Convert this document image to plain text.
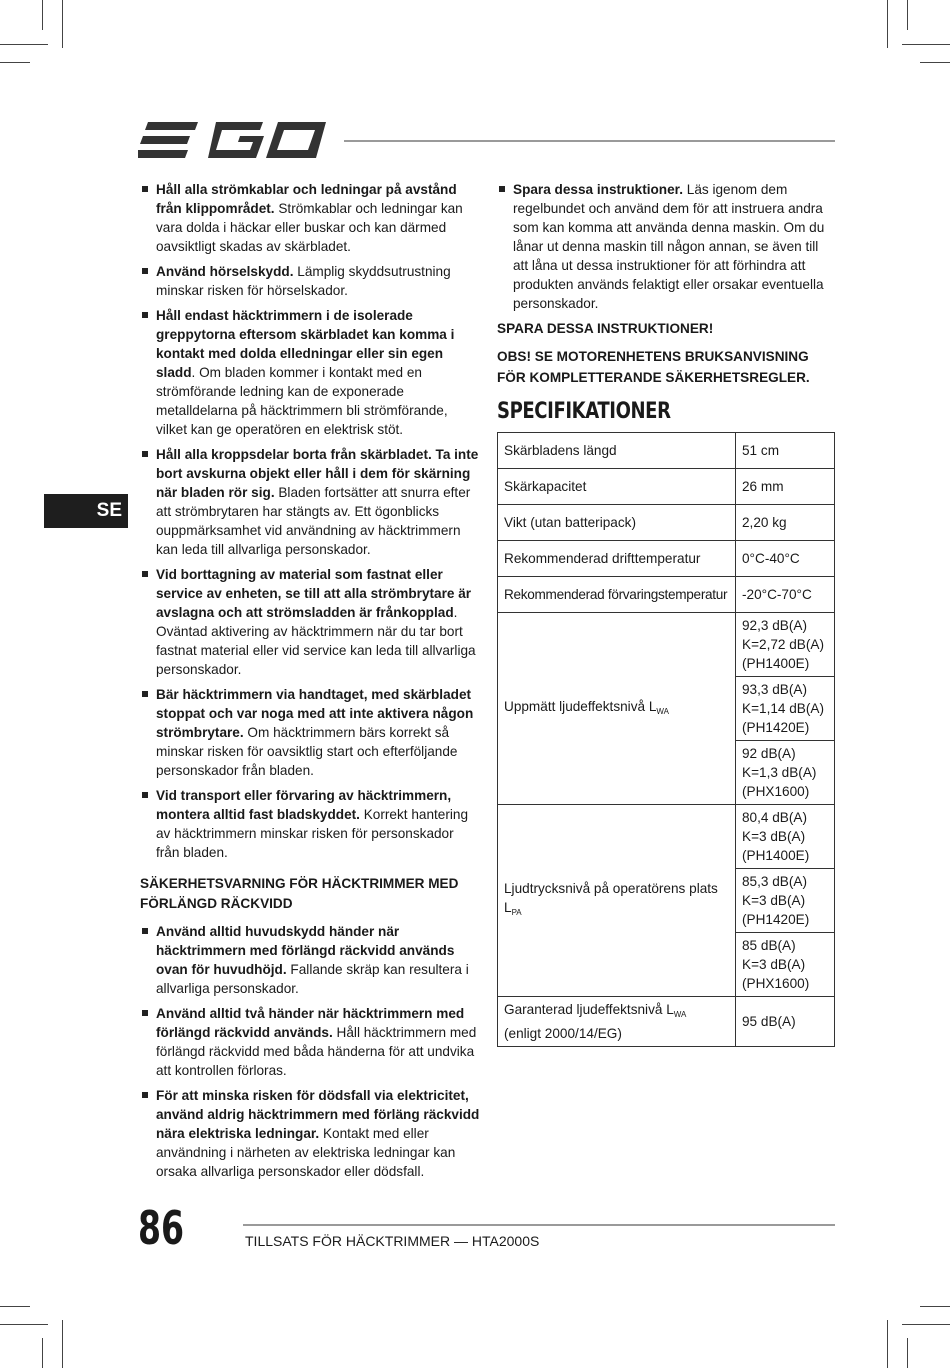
SE
Håll alla strömkablar och ledningar på avstånd från klippområdet. Strömkablar och ledningar kan vara dolda i häckar eller buskar och kan därmed oavsiktligt skadas av skärbladet.
Använd hörselskydd. Lämplig skyddsutrustning minskar risken för hörselskador.
Håll endast häcktrimmern i de isolerade greppytorna eftersom skärbladet kan komma i kontakt med dolda elledningar eller sin egen sladd. Om bladen kommer i kontakt med en strömförande ledning kan de exponerade metalldelarna på häcktrimmern bli strömförande, vilket kan ge operatören en elektrisk stöt.
Håll alla kroppsdelar borta från skärbladet. Ta inte bort avskurna objekt eller håll i dem för skärning när bladen rör sig. Bladen fortsätter att snurra efter att strömbrytaren har stängts av. Ett ögonblicks ouppmärksamhet vid användning av häcktrimmern kan leda till allvarliga personskador.
Vid borttagning av material som fastnat eller service av enheten, se till att alla strömbrytare är avslagna och att strömsladden är frånkopplad. Oväntad aktivering av häcktrimmern när du tar bort fastnat material eller vid service kan leda till allvarliga personskador.
Bär häcktrimmern via handtaget, med skärbladet stoppat och var noga med att inte aktivera någon strömbrytare. Om häcktrimmern bärs korrekt så minskar risken för oavsiktlig start och efterföljande personskador från bladen.
Vid transport eller förvaring av häcktrimmern, montera alltid fast bladskyddet. Korrekt hantering av häcktrimmern minskar risken för personskador från bladen.
SÄKERHETSVARNING FÖR HÄCKTRIMMER MED FÖRLÄNGD RÄCKVIDD
Använd alltid huvudskydd händer när häcktrimmern med förlängd räckvidd används ovan för huvudhöjd. Fallande skräp kan resultera i allvarliga personskador.
Använd alltid två händer när häcktrimmern med förlängd räckvidd används. Håll häcktrimmern med förlängd räckvidd med båda händerna för att undvika att kontrollen förloras.
För att minska risken för dödsfall via elektricitet, använd aldrig häcktrimmern med förläng räckvidd nära elektriska ledningar. Kontakt med eller användning i närheten av elektriska ledningar kan orsaka allvarliga personskador eller dödsfall.
Spara dessa instruktioner. Läs igenom dem regelbundet och använd dem för att instruera andra som kan komma att använda denna maskin. Om du lånar ut denna maskin till någon annan, se även till att låna ut dessa instruktioner för att förhindra att produkten används felaktigt eller orsakar eventuella personskador.
SPARA DESSA INSTRUKTIONER!
OBS! SE MOTORENHETENS BRUKSANVISNING FÖR KOMPLETTERANDE SÄKERHETSREGLER.
SPECIFIKATIONER
Skärbladens längd	51 cm
Skärkapacitet	26 mm
Vikt (utan batteripack)	2,20 kg
Rekommenderad drifttemperatur	0°C-40°C
Rekommenderad förvaringstemperatur	-20°C-70°C
Uppmätt ljudeffektsnivå $L_{WA}$	92,3 dB(A)
K=2,72 dB(A)
(PH1400E)

	93,3 dB(A)
K=1,14 dB(A)
(PH1420E)

	92 dB(A)
K=1,3 dB(A)
(PHX1600)

Ljudtrycksnivå på operatörens plats $L_{PA}$	80,4 dB(A)
K=3 dB(A)
(PH1400E)

	85,3 dB(A)
K=3 dB(A)
(PH1420E)

	85 dB(A)
K=3 dB(A)
(PHX1600)

Garanterad ljudeffektsnivå $L_{WA}$
(enligt 2000/14/EG)	95 dB(A)
86	TILLSATS FÖR HÄCKTRIMMER — HTA2000S
